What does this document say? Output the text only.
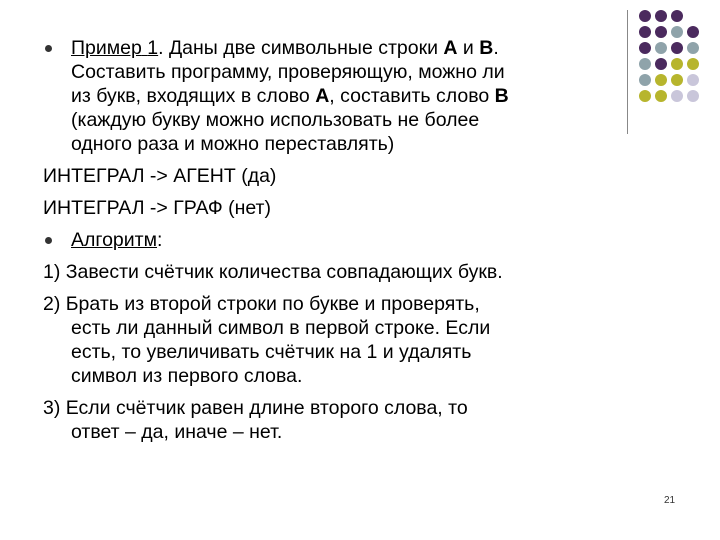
Пример 1. Даны две символьные строки А и В.
Составить программу, проверяющую, можно ли
из букв, входящих в слово А, составить слово В
(каждую букву можно использовать не более
одного раза и можно переставлять)
ИНТЕГРАЛ -> АГЕНТ (да)
ИНТЕГРАЛ -> ГРАФ (нет)
Алгоритм:
1) Завести счётчик количества совпадающих букв.
2) Брать из второй строки по букве и проверять,
есть ли данный символ в первой строке. Если
есть, то увеличивать счётчик на 1 и удалять
символ из первого слова.
3) Если счётчик равен длине второго слова, то
ответ – да, иначе – нет.
21
